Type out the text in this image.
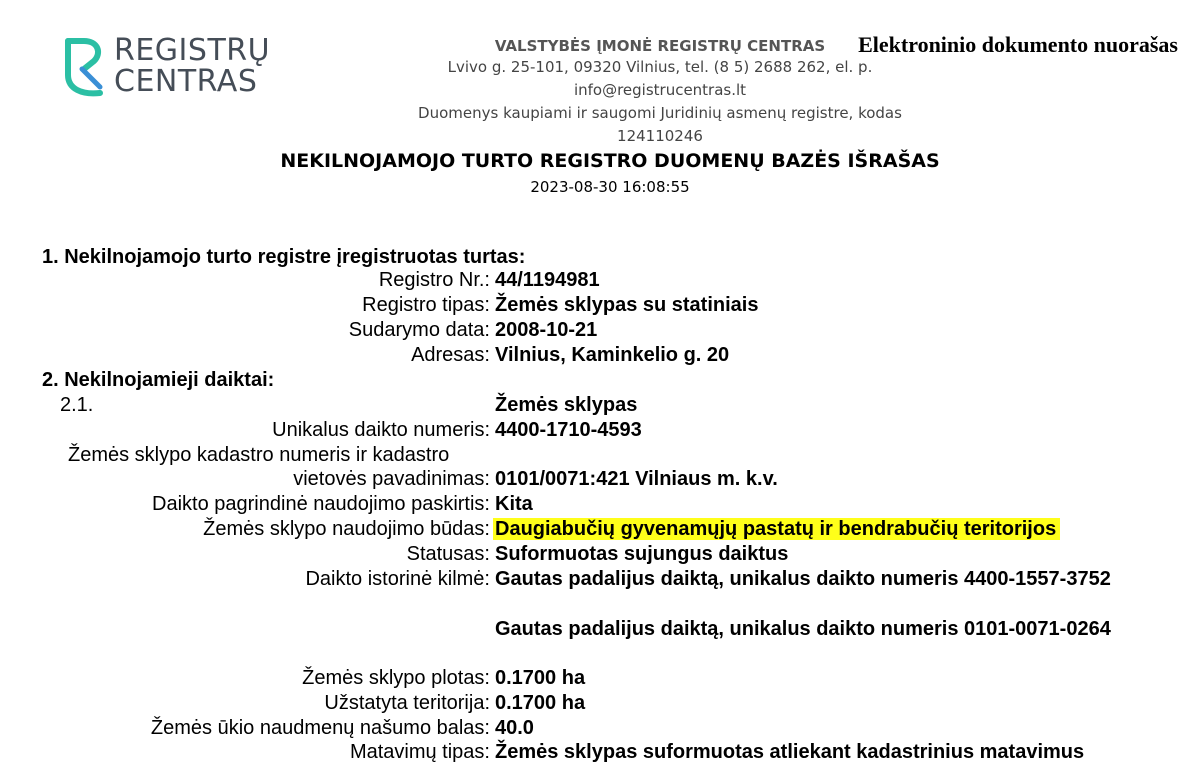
REGISTRŲ
CENTRAS
VALSTYBĖS ĮMONĖ REGISTRŲ CENTRAS
Lvivo g. 25-101, 09320 Vilnius, tel. (8 5) 2688 262, el. p. info@registrucentras.lt
Duomenys kaupiami ir saugomi Juridinių asmenų registre, kodas 124110246
Elektroninio dokumento nuorašas
NEKILNOJAMOJO TURTO REGISTRO DUOMENŲ BAZĖS IŠRAŠAS
2023-08-30 16:08:55
1. Nekilnojamojo turto registre įregistruotas turtas:
Registro Nr.: 44/1194981
Registro tipas: Žemės sklypas su statiniais
Sudarymo data: 2008-10-21
Adresas: Vilnius, Kaminkelio g. 20
2. Nekilnojamieji daiktai:
2.1.	Žemės sklypas
Unikalus daikto numeris: 4400-1710-4593
Žemės sklypo kadastro numeris ir kadastro
vietovės pavadinimas: 0101/0071:421 Vilniaus m. k.v.
Daikto pagrindinė naudojimo paskirtis: Kita
Žemės sklypo naudojimo būdas: Daugiabučių gyvenamųjų pastatų ir bendrabučių teritorijos
Statusas: Suformuotas sujungus daiktus
Daikto istorinė kilmė: Gautas padalijus daiktą, unikalus daikto numeris 4400-1557-3752
Gautas padalijus daiktą, unikalus daikto numeris 0101-0071-0264
Žemės sklypo plotas: 0.1700 ha
Užstatyta teritorija: 0.1700 ha
Žemės ūkio naudmenų našumo balas: 40.0
Matavimų tipas: Žemės sklypas suformuotas atliekant kadastrinius matavimus
